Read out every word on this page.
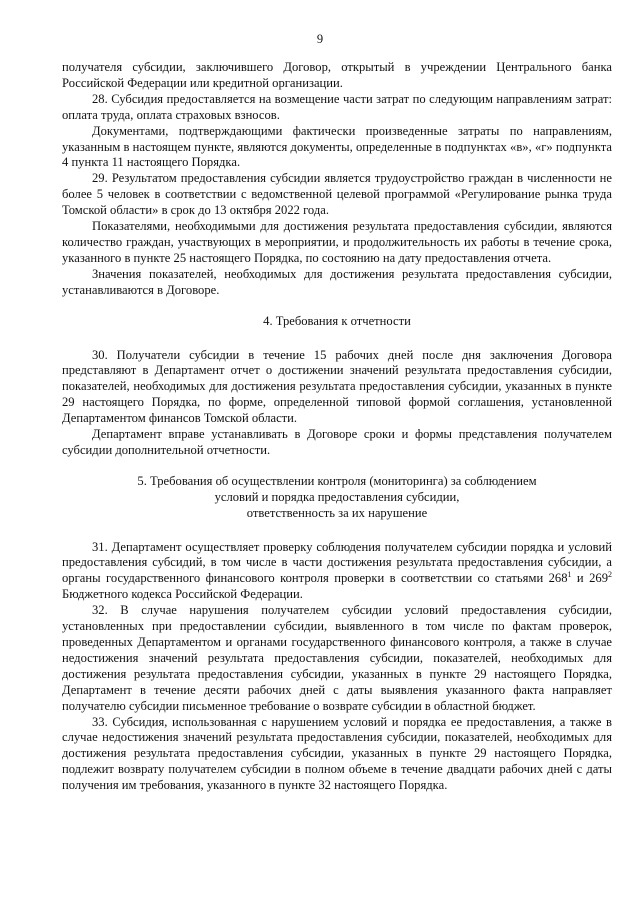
9

получателя субсидии, заключившего Договор, открытый в учреждении Центрального банка Российской Федерации или кредитной организации.

28. Субсидия предоставляется на возмещение части затрат по следующим направлениям затрат: оплата труда, оплата страховых взносов.

Документами, подтверждающими фактически произведенные затраты по направлениям, указанным в настоящем пункте, являются документы, определенные в подпунктах «в», «г» подпункта 4 пункта 11 настоящего Порядка.

29. Результатом предоставления субсидии является трудоустройство граждан в численности не более 5 человек в соответствии с ведомственной целевой программой «Регулирование рынка труда Томской области» в срок до 13 октября 2022 года.

Показателями, необходимыми для достижения результата предоставления субсидии, являются количество граждан, участвующих в мероприятии, и продолжительность их работы в течение срока, указанного в пункте 25 настоящего Порядка, по состоянию на дату предоставления отчета.

Значения показателей, необходимых для достижения результата предоставления субсидии, устанавливаются в Договоре.

4. Требования к отчетности

30. Получатели субсидии в течение 15 рабочих дней после дня заключения Договора представляют в Департамент отчет о достижении значений результата предоставления субсидии, показателей, необходимых для достижения результата предоставления субсидии, указанных в пункте 29 настоящего Порядка, по форме, определенной типовой формой соглашения, установленной Департаментом финансов Томской области.

Департамент вправе устанавливать в Договоре сроки и формы представления получателем субсидии дополнительной отчетности.

5. Требования об осуществлении контроля (мониторинга) за соблюдением

условий и порядка предоставления субсидии,

ответственность за их нарушение

31. Департамент осуществляет проверку соблюдения получателем субсидии порядка и условий предоставления субсидий, в том числе в части достижения результата предоставления субсидии, а органы государственного финансового контроля проверки в соответствии со статьями $268^1$ и $269^2$ Бюджетного кодекса Российской Федерации.

32. В случае нарушения получателем субсидии условий предоставления субсидии, установленных при предоставлении субсидии, выявленного в том числе по фактам проверок, проведенных Департаментом и органами государственного финансового контроля, а также в случае недостижения значений результата предоставления субсидии, показателей, необходимых для достижения результата предоставления субсидии, указанных в пункте 29 настоящего Порядка, Департамент в течение десяти рабочих дней с даты выявления указанного факта направляет получателю субсидии письменное требование о возврате субсидии в областной бюджет.

33. Субсидия, использованная с нарушением условий и порядка ее предоставления, а также в случае недостижения значений результата предоставления субсидии, показателей, необходимых для достижения результата предоставления субсидии, указанных в пункте 29 настоящего Порядка, подлежит возврату получателем субсидии в полном объеме в течение двадцати рабочих дней с даты получения им требования, указанного в пункте 32 настоящего Порядка.
